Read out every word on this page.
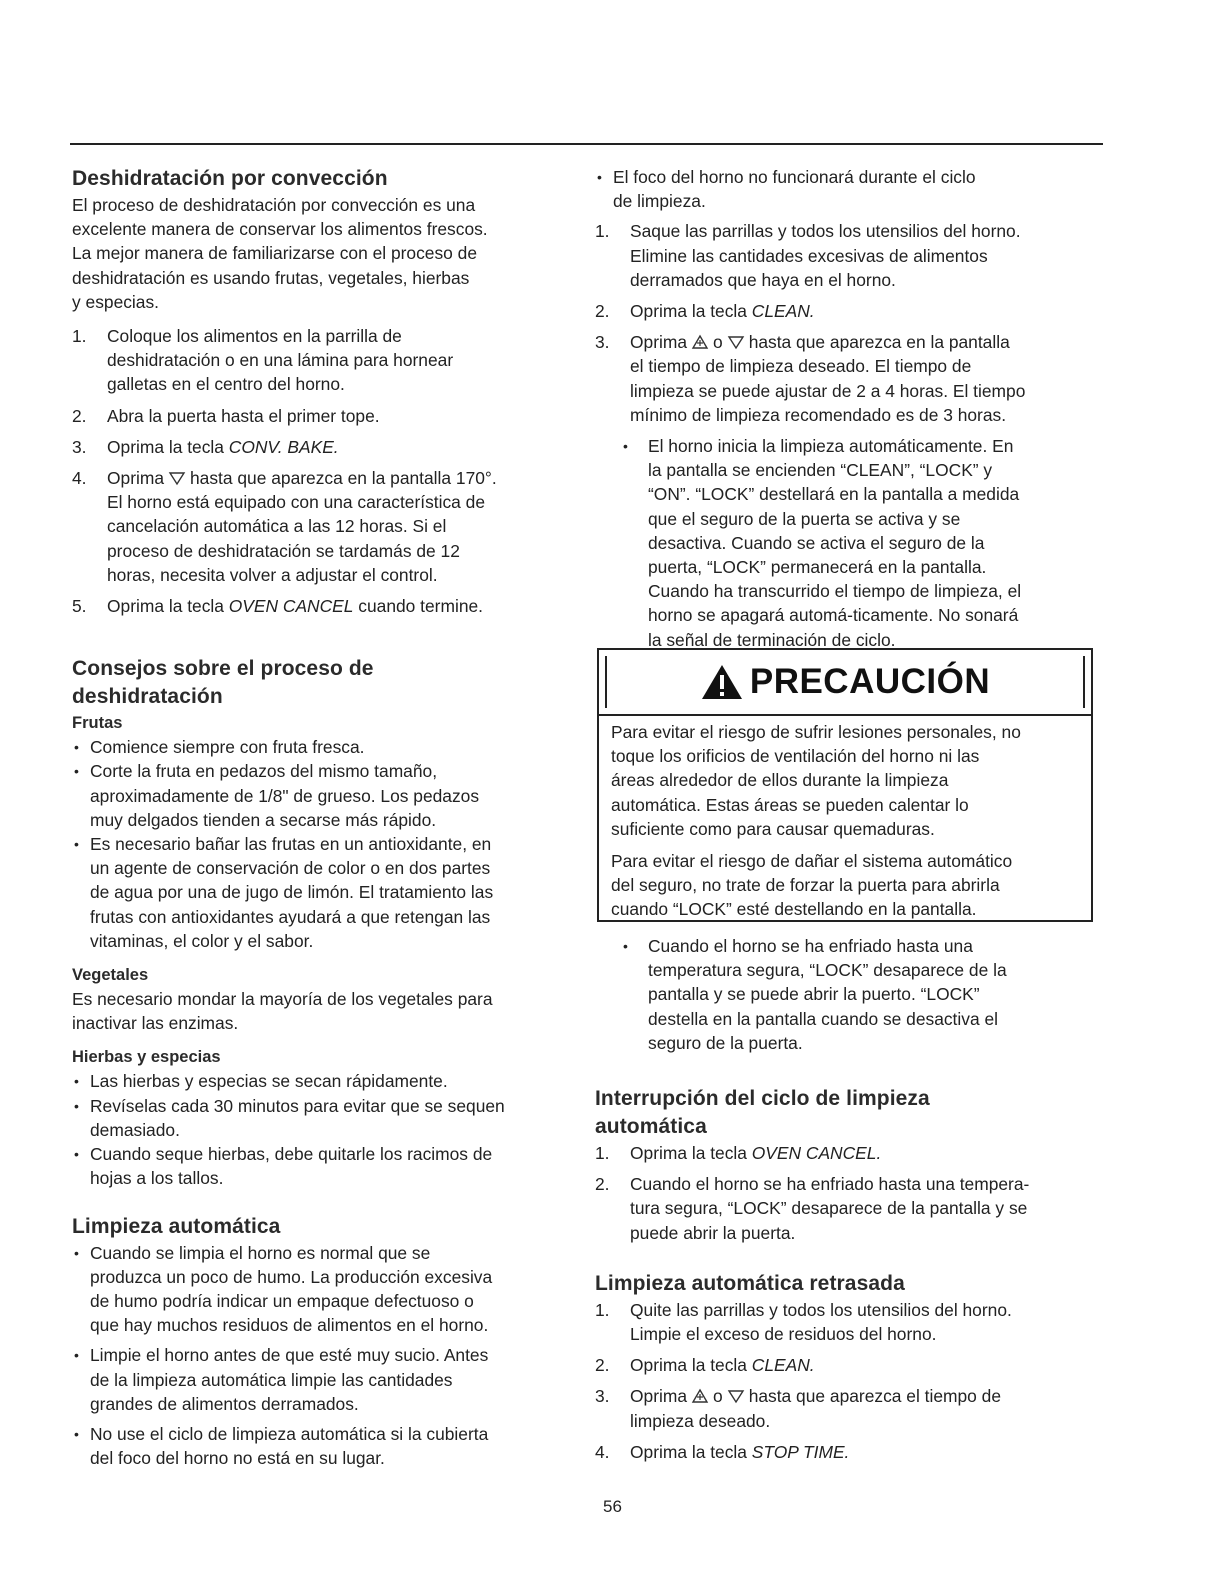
Deshidratación por convección

El proceso de deshidratación por convección es una
excelente manera de conservar los alimentos frescos.
La mejor manera de familiarizarse con el proceso de
deshidratación es usando frutas, vegetales, hierbas
y especias.

1. Coloque los alimentos en la parrilla de
deshidratación o en una lámina para hornear
galletas en el centro del horno.
2. Abra la puerta hasta el primer tope.
3. Oprima la tecla CONV. BAKE.
4. Oprima hasta que aparezca en la pantalla 170°.
El horno está equipado con una característica de
cancelación automática a las 12 horas. Si el
proceso de deshidratación se tardamás de 12
horas, necesita volver a adjustar el control.
5. Oprima la tecla OVEN CANCEL cuando termine.
Consejos sobre el proceso de
deshidratación
Frutas
• Comience siempre con fruta fresca.
• Corte la fruta en pedazos del mismo tamaño,
aproximadamente de 1/8" de grueso. Los pedazos
muy delgados tienden a secarse más rápido.
• Es necesario bañar las frutas en un antioxidante, en
un agente de conservación de color o en dos partes
de agua por una de jugo de limón. El tratamiento las
frutas con antioxidantes ayudará a que retengan las
vitaminas, el color y el sabor.
Vegetales

Es necesario mondar la mayoría de los vegetales para
inactivar las enzimas.

Hierbas y especias
• Las hierbas y especias se secan rápidamente.
• Revíselas cada 30 minutos para evitar que se sequen
demasiado.
• Cuando seque hierbas, debe quitarle los racimos de
hojas a los tallos.
Limpieza automática
• Cuando se limpia el horno es normal que se
produzca un poco de humo. La producción excesiva
de humo podría indicar un empaque defectuoso o
que hay muchos residuos de alimentos en el horno.
• Limpie el horno antes de que esté muy sucio. Antes
de la limpieza automática limpie las cantidades
grandes de alimentos derramados.
• No use el ciclo de limpieza automática si la cubierta
del foco del horno no está en su lugar.
• El foco del horno no funcionará durante el ciclo
de limpieza.
1. Saque las parrillas y todos los utensilios del horno.
Elimine las cantidades excesivas de alimentos
derramados que haya en el horno.
2. Oprima la tecla CLEAN.
3. Oprima o hasta que aparezca en la pantalla
el tiempo de limpieza deseado. El tiempo de
limpieza se puede ajustar de 2 a 4 horas. El tiempo
mínimo de limpieza recomendado es de 3 horas.
• El horno inicia la limpieza automáticamente. En
la pantalla se encienden “CLEAN”, “LOCK” y
“ON”. “LOCK” destellará en la pantalla a medida
que el seguro de la puerta se activa y se
desactiva. Cuando se activa el seguro de la
puerta, “LOCK” permanecerá en la pantalla.
Cuando ha transcurrido el tiempo de limpieza, el
horno se apagará automá-ticamente. No sonará
la señal de terminación de ciclo.
PRECAUCIÓN

Para evitar el riesgo de sufrir lesiones personales, no
toque los orificios de ventilación del horno ni las
áreas alrededor de ellos durante la limpieza
automática. Estas áreas se pueden calentar lo
suficiente como para causar quemaduras.

Para evitar el riesgo de dañar el sistema automático
del seguro, no trate de forzar la puerta para abrirla
cuando “LOCK” esté destellando en la pantalla.

• Cuando el horno se ha enfriado hasta una
temperatura segura, “LOCK” desaparece de la
pantalla y se puede abrir la puerto. “LOCK”
destella en la pantalla cuando se desactiva el
seguro de la puerta.
Interrupción del ciclo de limpieza
automática
1. Oprima la tecla OVEN CANCEL.
2. Cuando el horno se ha enfriado hasta una tempera-
tura segura, “LOCK” desaparece de la pantalla y se
puede abrir la puerta.
Limpieza automática retrasada
1. Quite las parrillas y todos los utensilios del horno.
Limpie el exceso de residuos del horno.
2. Oprima la tecla CLEAN.
3. Oprima o hasta que aparezca el tiempo de
limpieza deseado.
4. Oprima la tecla STOP TIME.
56
